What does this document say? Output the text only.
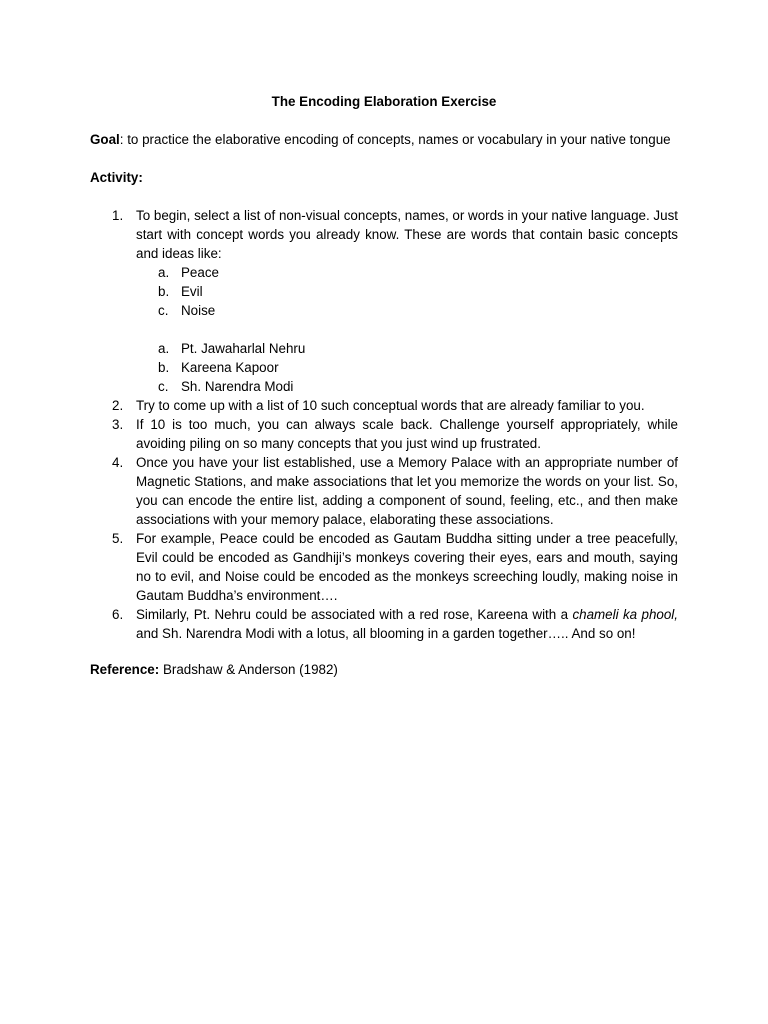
The Encoding Elaboration Exercise
Goal: to practice the elaborative encoding of concepts, names or vocabulary in your native tongue
Activity:
1. To begin, select a list of non-visual concepts, names, or words in your native language. Just start with concept words you already know. These are words that contain basic concepts and ideas like:
a. Peace
b. Evil
c. Noise
a. Pt. Jawaharlal Nehru
b. Kareena Kapoor
c. Sh. Narendra Modi
2. Try to come up with a list of 10 such conceptual words that are already familiar to you.
3. If 10 is too much, you can always scale back. Challenge yourself appropriately, while avoiding piling on so many concepts that you just wind up frustrated.
4. Once you have your list established, use a Memory Palace with an appropriate number of Magnetic Stations, and make associations that let you memorize the words on your list. So, you can encode the entire list, adding a component of sound, feeling, etc., and then make associations with your memory palace, elaborating these associations.
5. For example, Peace could be encoded as Gautam Buddha sitting under a tree peacefully, Evil could be encoded as Gandhiji’s monkeys covering their eyes, ears and mouth, saying no to evil, and Noise could be encoded as the monkeys screeching loudly, making noise in Gautam Buddha’s environment….
6. Similarly, Pt. Nehru could be associated with a red rose, Kareena with a chameli ka phool, and Sh. Narendra Modi with a lotus, all blooming in a garden together….. And so on!
Reference: Bradshaw & Anderson (1982)
